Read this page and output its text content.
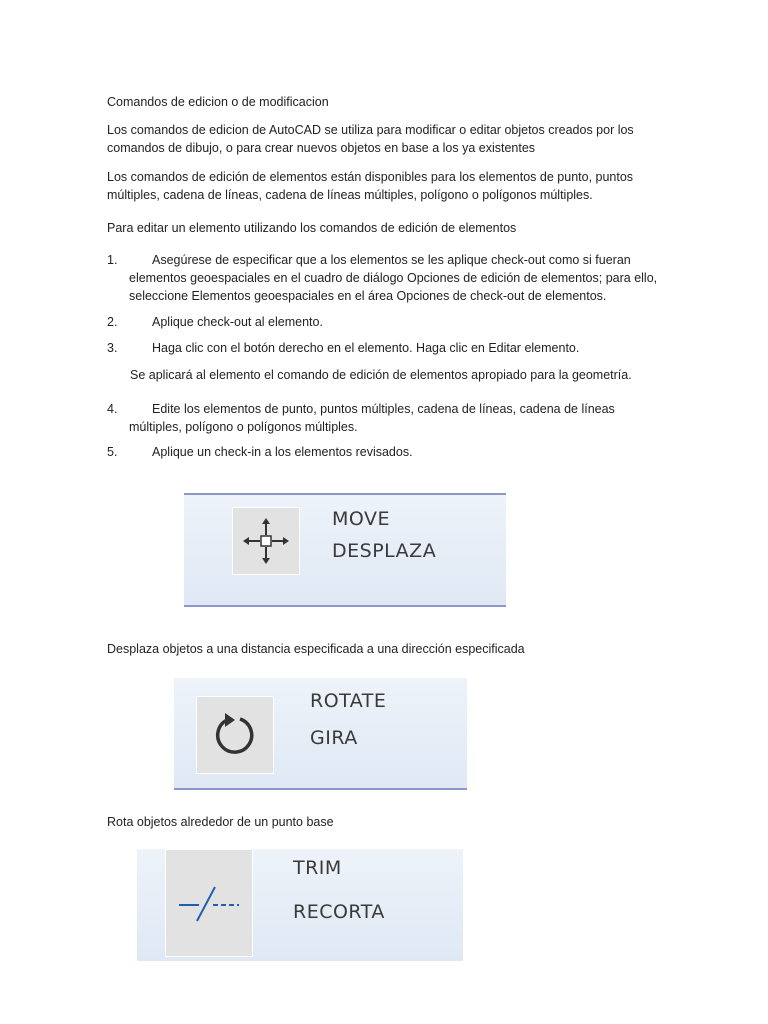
Comandos de edicion o de modificacion
Los comandos de edicion de AutoCAD se utiliza para modificar o editar objetos creados por los
comandos de dibujo, o para crear nuevos objetos en base a los ya existentes
Los comandos de edición de elementos están disponibles para los elementos de punto, puntos
múltiples, cadena de líneas, cadena de líneas múltiples, polígono o polígonos múltiples.
Para editar un elemento utilizando los comandos de edición de elementos
1.	Asegúrese de especificar que a los elementos se les aplique check-out como si fueran
elementos geoespaciales en el cuadro de diálogo Opciones de edición de elementos; para ello,
seleccione Elementos geoespaciales en el área Opciones de check-out de elementos.
2.	Aplique check-out al elemento.
3.	Haga clic con el botón derecho en el elemento. Haga clic en Editar elemento.
Se aplicará al elemento el comando de edición de elementos apropiado para la geometría.
4.	Edite los elementos de punto, puntos múltiples, cadena de líneas, cadena de líneas
múltiples, polígono o polígonos múltiples.
5.	Aplique un check-in a los elementos revisados.
MOVE
DESPLAZA
Desplaza objetos a una distancia especificada a una dirección especificada
ROTATE
GIRA
Rota objetos alrededor de un punto base
TRIM
RECORTA
